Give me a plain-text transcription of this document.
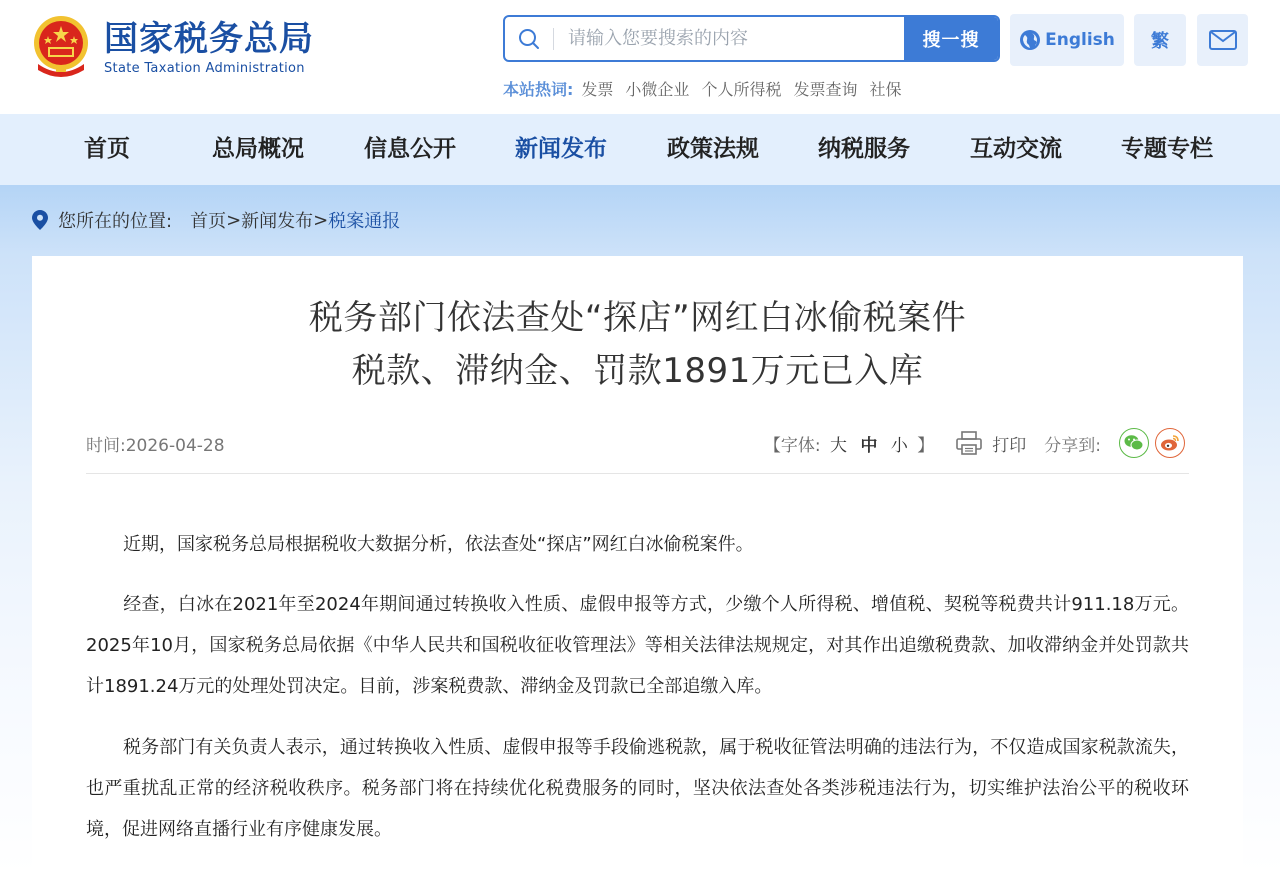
国家税务总局
State Taxation Administration
请输入您要搜索的内容
搜一搜
本站热词: 发票 小微企业 个人所得税 发票查询 社保
English	繁
首页	总局概况	信息公开	新闻发布	政策法规	纳税服务	互动交流	专题专栏
您所在的位置: 首页 > 新闻发布 > 税案通报
税务部门依法查处“探店”网红白冰偷税案件
税款、滞纳金、罚款1891万元已入库
时间:2026-04-28	【字体: 大 中 小 】	打印 分享到:

近期，国家税务总局根据税收大数据分析，依法查处“探店”网红白冰偷税案件。

经查，白冰在2021年至2024年期间通过转换收入性质、虚假申报等方式，少缴个人所得税、增值税、契税等税费共计911.18万元。2025年10月，国家税务总局依据《中华人民共和国税收征收管理法》等相关法律法规规定，对其作出追缴税费款、加收滞纳金并处罚款共计1891.24万元的处理处罚决定。目前，涉案税费款、滞纳金及罚款已全部追缴入库。

税务部门有关负责人表示，通过转换收入性质、虚假申报等手段偷逃税款，属于税收征管法明确的违法行为，不仅造成国家税款流失，也严重扰乱正常的经济税收秩序。税务部门将在持续优化税费服务的同时，坚决依法查处各类涉税违法行为，切实维护法治公平的税收环境，促进网络直播行业有序健康发展。
